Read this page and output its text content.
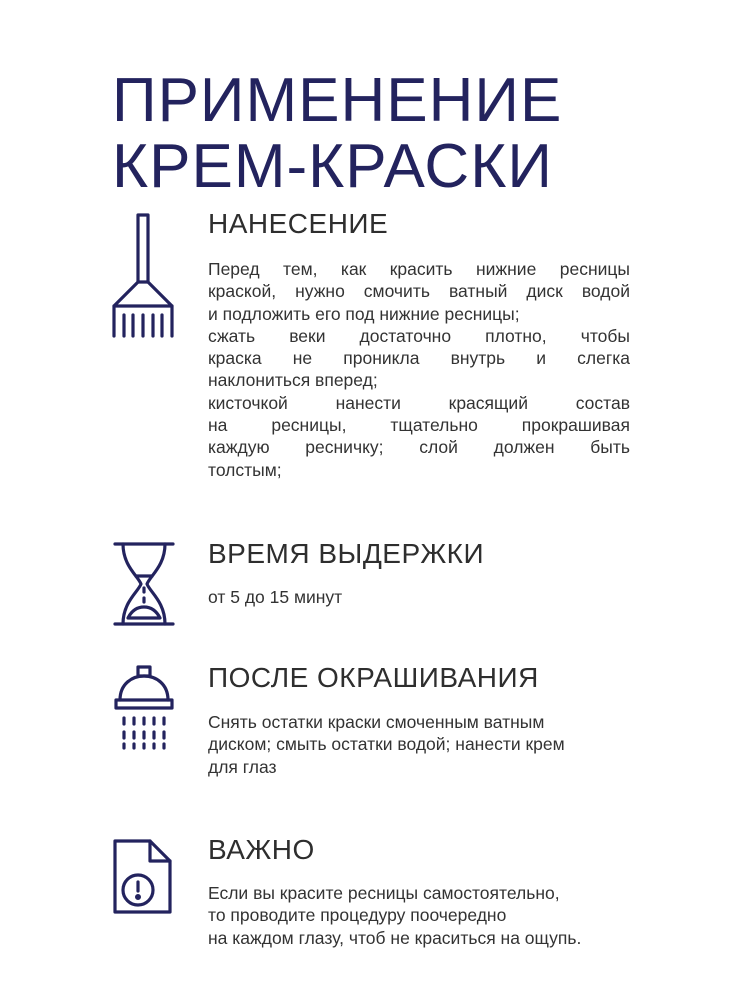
ПРИМЕНЕНИЕ
КРЕМ-КРАСКИ
НАНЕСЕНИЕ
Перед тем, как красить нижние ресницы
краской, нужно смочить ватный диск водой
и подложить его под нижние ресницы;
сжать веки достаточно плотно, чтобы
краска не проникла внутрь и слегка
наклониться вперед;
кисточкой нанести красящий состав
на ресницы, тщательно прокрашивая
каждую ресничку; слой должен быть
толстым;
ВРЕМЯ ВЫДЕРЖКИ
от 5 до 15 минут
ПОСЛЕ ОКРАШИВАНИЯ
Снять остатки краски смоченным ватным
диском; смыть остатки водой; нанести крем
для глаз
ВАЖНО
Если вы красите ресницы самостоятельно,
то проводите процедуру поочередно
на каждом глазу, чтоб не краситься на ощупь.
